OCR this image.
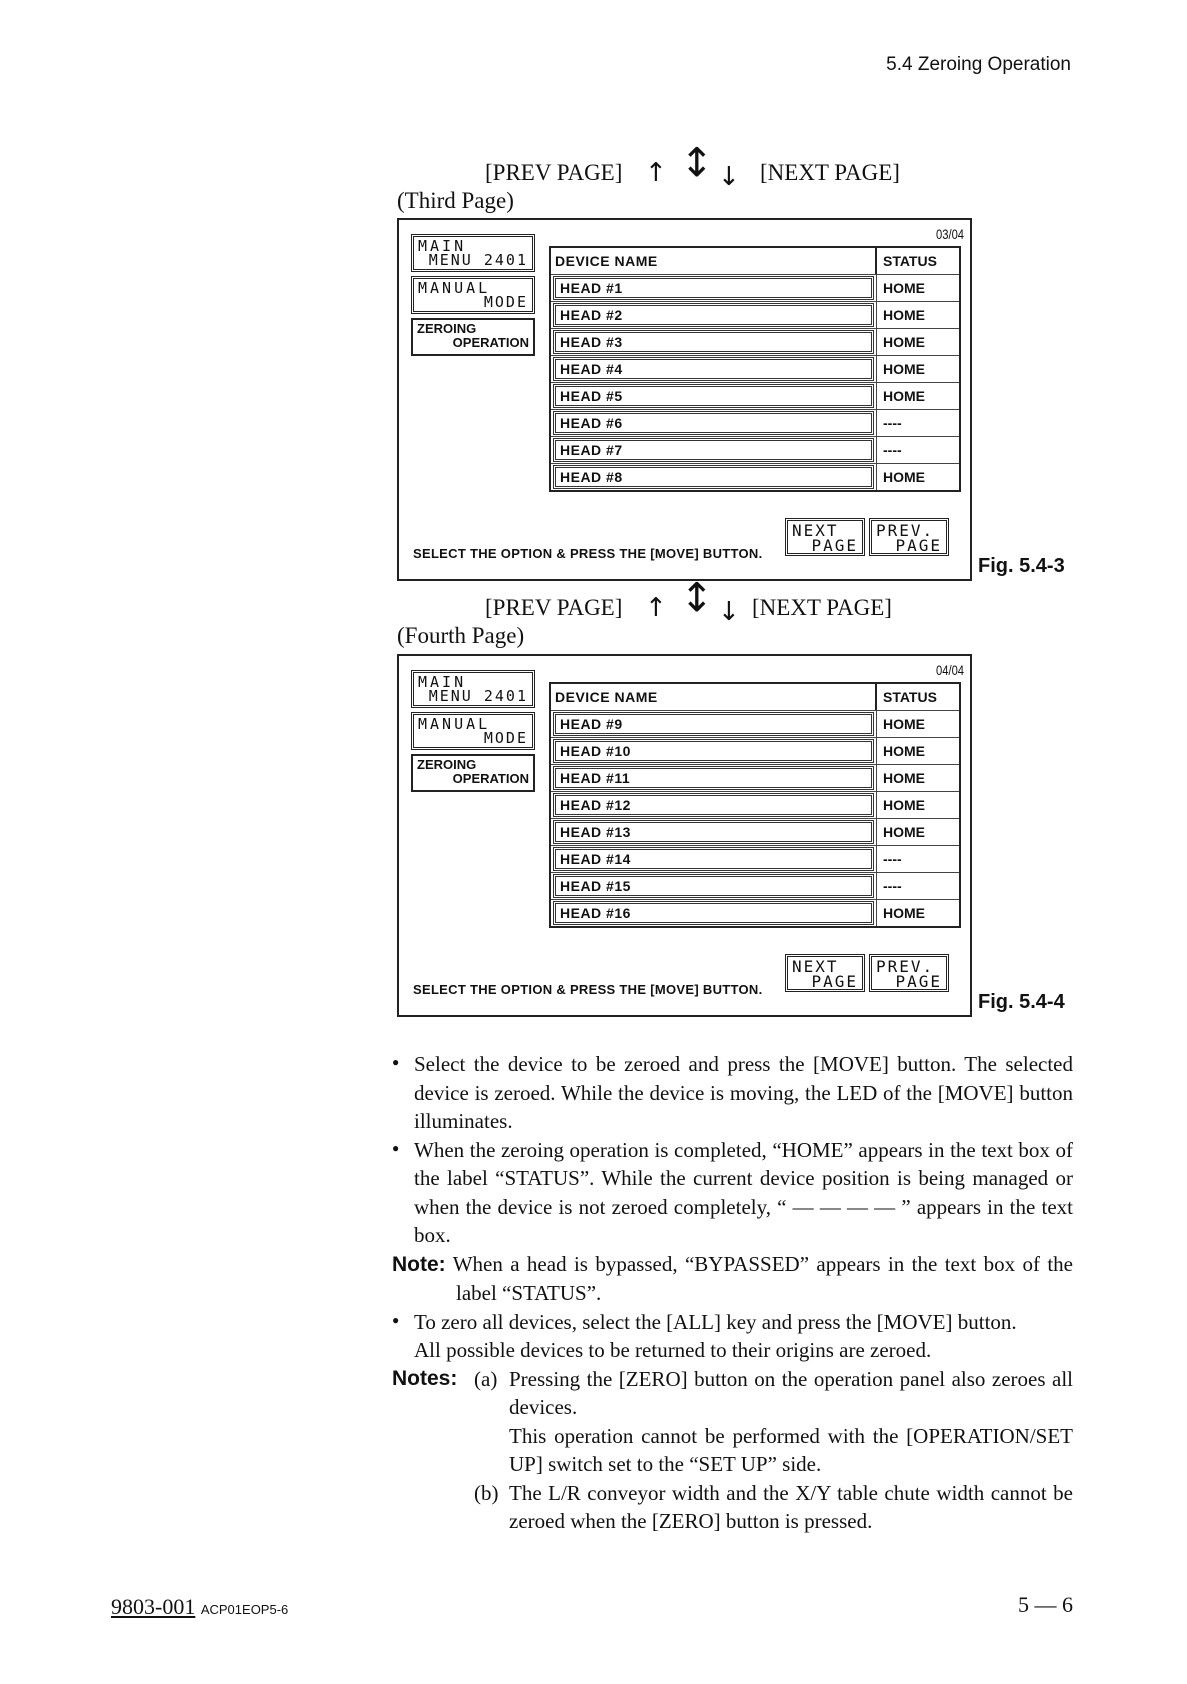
5.4 Zeroing Operation
[PREV PAGE] ↑ ↕ ↓ [NEXT PAGE]
(Third Page)
03/04
MAIN
MENU 2401
MANUAL
MODE
ZEROING
OPERATION
DEVICE NAME	STATUS
HEAD #1	HOME
HEAD #2	HOME
HEAD #3	HOME
HEAD #4	HOME
HEAD #5	HOME
HEAD #6	----
HEAD #7	----
HEAD #8	HOME
SELECT THE OPTION & PRESS THE [MOVE] BUTTON.
NEXT
PAGE
PREV.
PAGE
Fig. 5.4-3
[PREV PAGE] ↑ ↕ ↓ [NEXT PAGE]
(Fourth Page)
04/04
MAIN
MENU 2401
MANUAL
MODE
ZEROING
OPERATION
DEVICE NAME	STATUS
HEAD #9	HOME
HEAD #10	HOME
HEAD #11	HOME
HEAD #12	HOME
HEAD #13	HOME
HEAD #14	----
HEAD #15	----
HEAD #16	HOME
SELECT THE OPTION & PRESS THE [MOVE] BUTTON.
NEXT
PAGE
PREV.
PAGE
Fig. 5.4-4
● Select the device to be zeroed and press the [MOVE] button. The selected device is zeroed. While the device is moving, the LED of the [MOVE] button illuminates.
● When the zeroing operation is completed, “HOME” appears in the text box of the label “STATUS”. While the current device position is being managed or when the device is not zeroed completely, “ — — — — ” appears in the text box.
Note: When a head is bypassed, “BYPASSED” appears in the text box of the label “STATUS”.
● To zero all devices, select the [ALL] key and press the [MOVE] button.
All possible devices to be returned to their origins are zeroed.
Notes: (a) Pressing the [ZERO] button on the operation panel also zeroes all devices.
This operation cannot be performed with the [OPERATION/SET UP] switch set to the “SET UP” side.
(b) The L/R conveyor width and the X/Y table chute width cannot be zeroed when the [ZERO] button is pressed.
9803-001 ACP01EOP5-6	5 — 6
